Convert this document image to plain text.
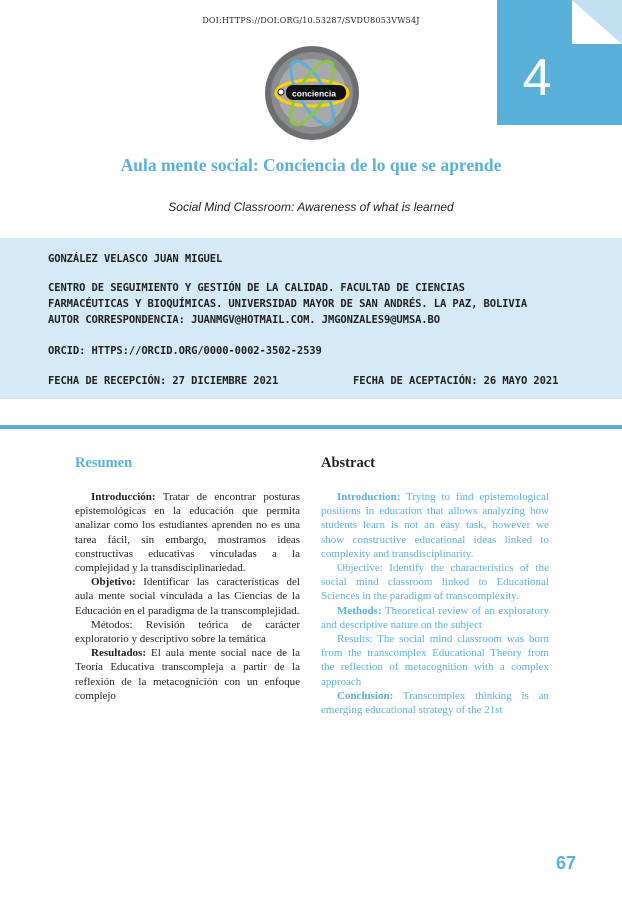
DOI:HTTPS://DOI.ORG/10.53287/SVDU8053VW54J
4
conciencia
Aula mente social: Conciencia de lo que se aprende
Social Mind Classroom: Awareness of what is learned
GONZÁLEZ VELASCO JUAN MIGUEL
CENTRO DE SEGUIMIENTO Y GESTIÓN DE LA CALIDAD. FACULTAD DE CIENCIAS
FARMACÉUTICAS Y BIOQUÍMICAS. UNIVERSIDAD MAYOR DE SAN ANDRÉS. LA PAZ, BOLIVIA
AUTOR CORRESPONDENCIA: JUANMGV@HOTMAIL.COM. JMGONZALES9@UMSA.BO
ORCID: HTTPS://ORCID.ORG/0000-0002-3502-2539
FECHA DE RECEPCIÓN: 27 DICIEMBRE 2021	FECHA DE ACEPTACIÓN: 26 MAYO 2021
Resumen	Abstract

Introducción: Tratar de encontrar posturas epistemológicas en la educación que permita analizar como los estudiantes aprenden no es una tarea fácil, sin embargo, mostramos ideas constructivas educativas vinculadas a la complejidad y la transdisciplinariedad.

Objetivo: Identificar las características del aula mente social vinculada a las Ciencias de la Educación en el paradigma de la transcomplejidad.

Métodos: Revisión teórica de carácter exploratorio y descriptivo sobre la temática

Resultados: El aula mente social nace de la Teoría Educativa transcompleja a partir de la reflexión de la metacognición con un enfoque complejo

Introduction: Trying to find epistemological positions in education that allows analyzing how students learn is not an easy task, however we show constructive educational ideas linked to complexity and transdisciplinarity.

Objective: Identify the characteristics of the social mind classroom linked to Educational Sciences in the paradigm of transcomplexity.

Methods: Theoretical review of an exploratory and descriptive nature on the subject

Results: The social mind classroom was born from the transcomplex Educational Theory from the reflection of metacognition with a complex approach

Conclusion: Transcomplex thinking is an emerging educational strategy of the 21st

67
